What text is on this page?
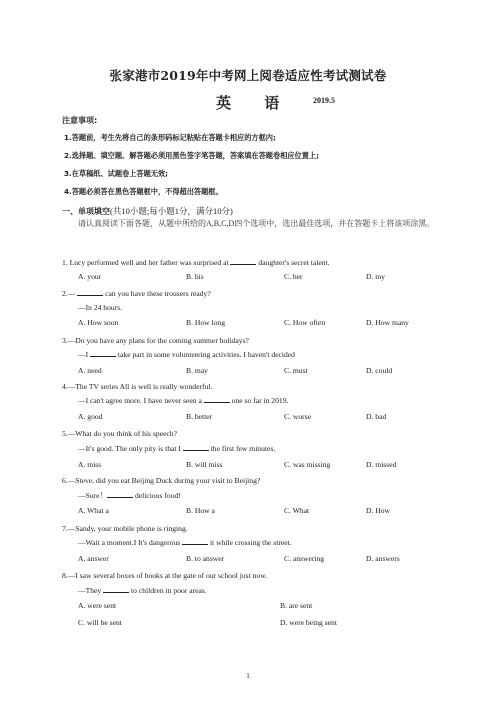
张家港市2019年中考网上阅卷适应性考试测试卷
英 语 2019.5
注意事项:
1.答题前，考生先将自己的条形码标记粘贴在答题卡相应的方框内;
2.选择题、填空题、解答题必须用黑色签字笔答题，答案填在答题卷相应位置上;
3.在草稿纸、试题卷上答题无效;
4.答题必须答在黑色答题框中，不得超出答题框。
一、单项填空(共10小题;每小题1分，满分10分)
请认真阅读下面各题，从题中所给的A,B,C,D四个选项中，选出最佳选项，并在答题卡上将该项涂黑。
1. Lucy performed well and her father was surprised at	daughter's secret talent.
A. your	B. his	C. her	D. my
2.—	can you have these trousers ready?
—In 24 hours.
A. How soon	B. How long	C. How often	D. How many
3.—Do you have any plans for the coming summer holidays?
—I	take part in some volunteering activities. I haven't decided
A. need	B. may	C. must	D. could
4.—The TV series All is well is really wonderful.
—I can't agree more. I have never seen a	one so far in 2019.
A. good	B. better	C. worse	D. bad
5.—What do you think of his speech?
—It's good. The only pity is that I	the first few minutes.
A. miss	B. will miss	C. was missing	D. missed
6.—Steve, did you eat Beijing Duck during your visit to Beijing?
—Sure！	delicious food!
A. What a	B. How a	C. What	D. How
7.—Sandy, your mobile phone is ringing.
—Wait a moment.I It's dangerous	it while crossing the street.
A. answer	B. to answer	C. answering	D. answers
8.—I saw several boxes of books at the gate of our school just now.
—They	to children in poor areas.
A. were sent	B. are sent
C. will be sent	D. were being sent
1
